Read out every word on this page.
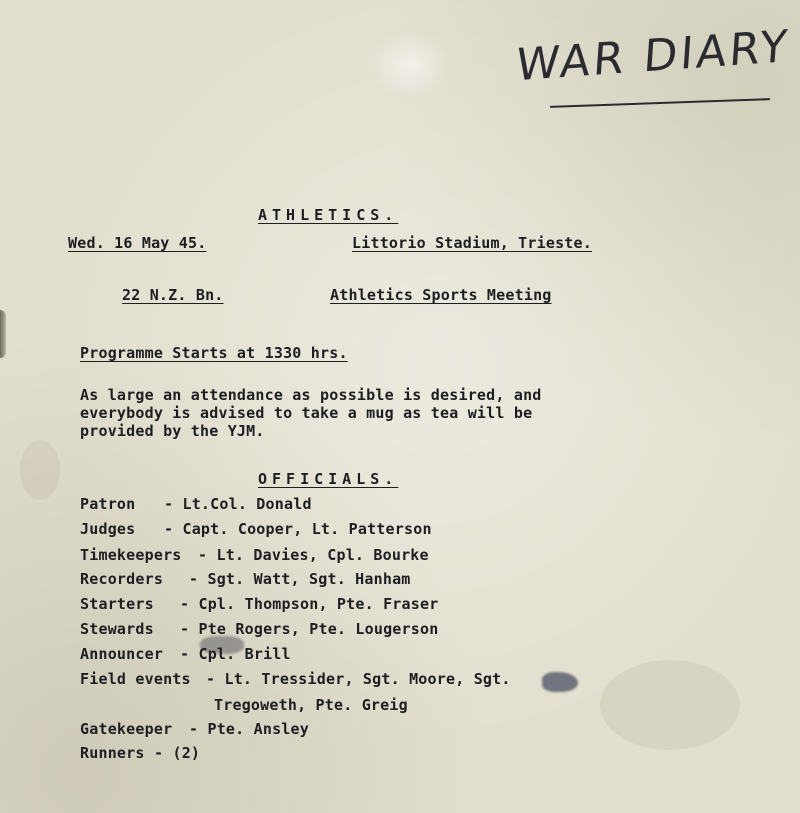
WAR DIARY
ATHLETICS.
Wed. 16 May 45.	Littorio Stadium, Trieste.
22 N.Z. Bn.	Athletics Sports Meeting
Programme Starts at 1330 hrs.
As large an attendance as possible is desired, and
everybody is advised to take a mug as tea will be
provided by the YJM.
OFFICIALS.
Patron - Lt.Col. Donald
Judges - Capt. Cooper, Lt. Patterson
Timekeepers - Lt. Davies, Cpl. Bourke
Recorders - Sgt. Watt, Sgt. Hanham
Starters - Cpl. Thompson, Pte. Fraser
Stewards - Pte Rogers, Pte. Lougerson
Announcer - Cpl. Brill
Field events - Lt. Tressider, Sgt. Moore, Sgt.
Tregoweth, Pte. Greig
Gatekeeper - Pte. Ansley
Runners - (2)
